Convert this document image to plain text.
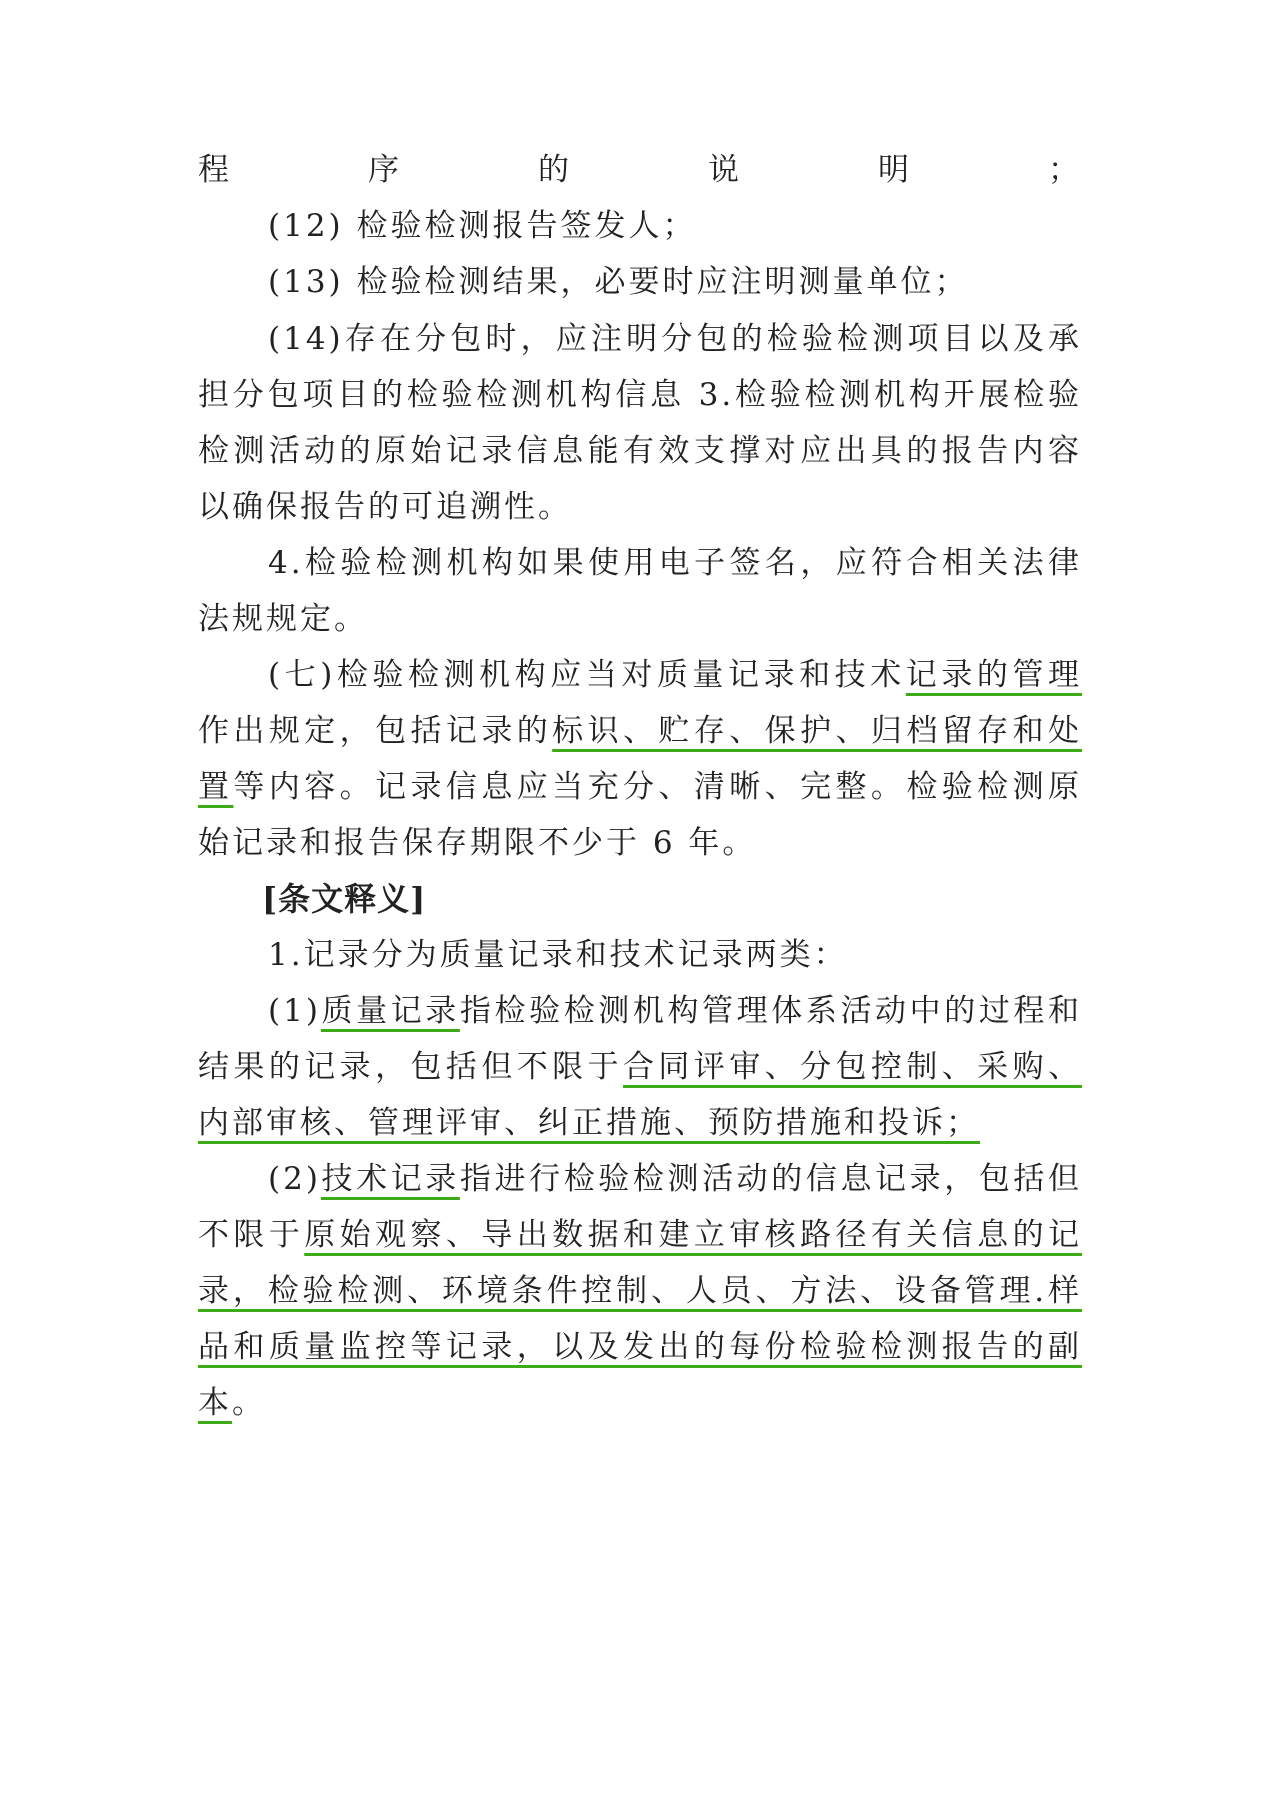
程序的说明；
(12) 检验检测报告签发人；
(13) 检验检测结果，必要时应注明测量单位；
(14)存在分包时，应注明分包的检验检测项目以及承
担分包项目的检验检测机构信息 3.检验检测机构开展检验
检测活动的原始记录信息能有效支撑对应出具的报告内容
以确保报告的可追溯性。
4.检验检测机构如果使用电子签名，应符合相关法律
法规规定。
(七)检验检测机构应当对质量记录和技术记录的管理
作出规定，包括记录的标识、贮存、保护、归档留存和处
置等内容。记录信息应当充分、清晰、完整。检验检测原
始记录和报告保存期限不少于 6 年。
[条文释义]
1.记录分为质量记录和技术记录两类：
(1)质量记录指检验检测机构管理体系活动中的过程和
结果的记录，包括但不限于合同评审、分包控制、采购、
内部审核、管理评审、纠正措施、预防措施和投诉；
(2)技术记录指进行检验检测活动的信息记录，包括但
不限于原始观察、导出数据和建立审核路径有关信息的记
录，检验检测、环境条件控制、人员、方法、设备管理.样
品和质量监控等记录，以及发出的每份检验检测报告的副
本。
